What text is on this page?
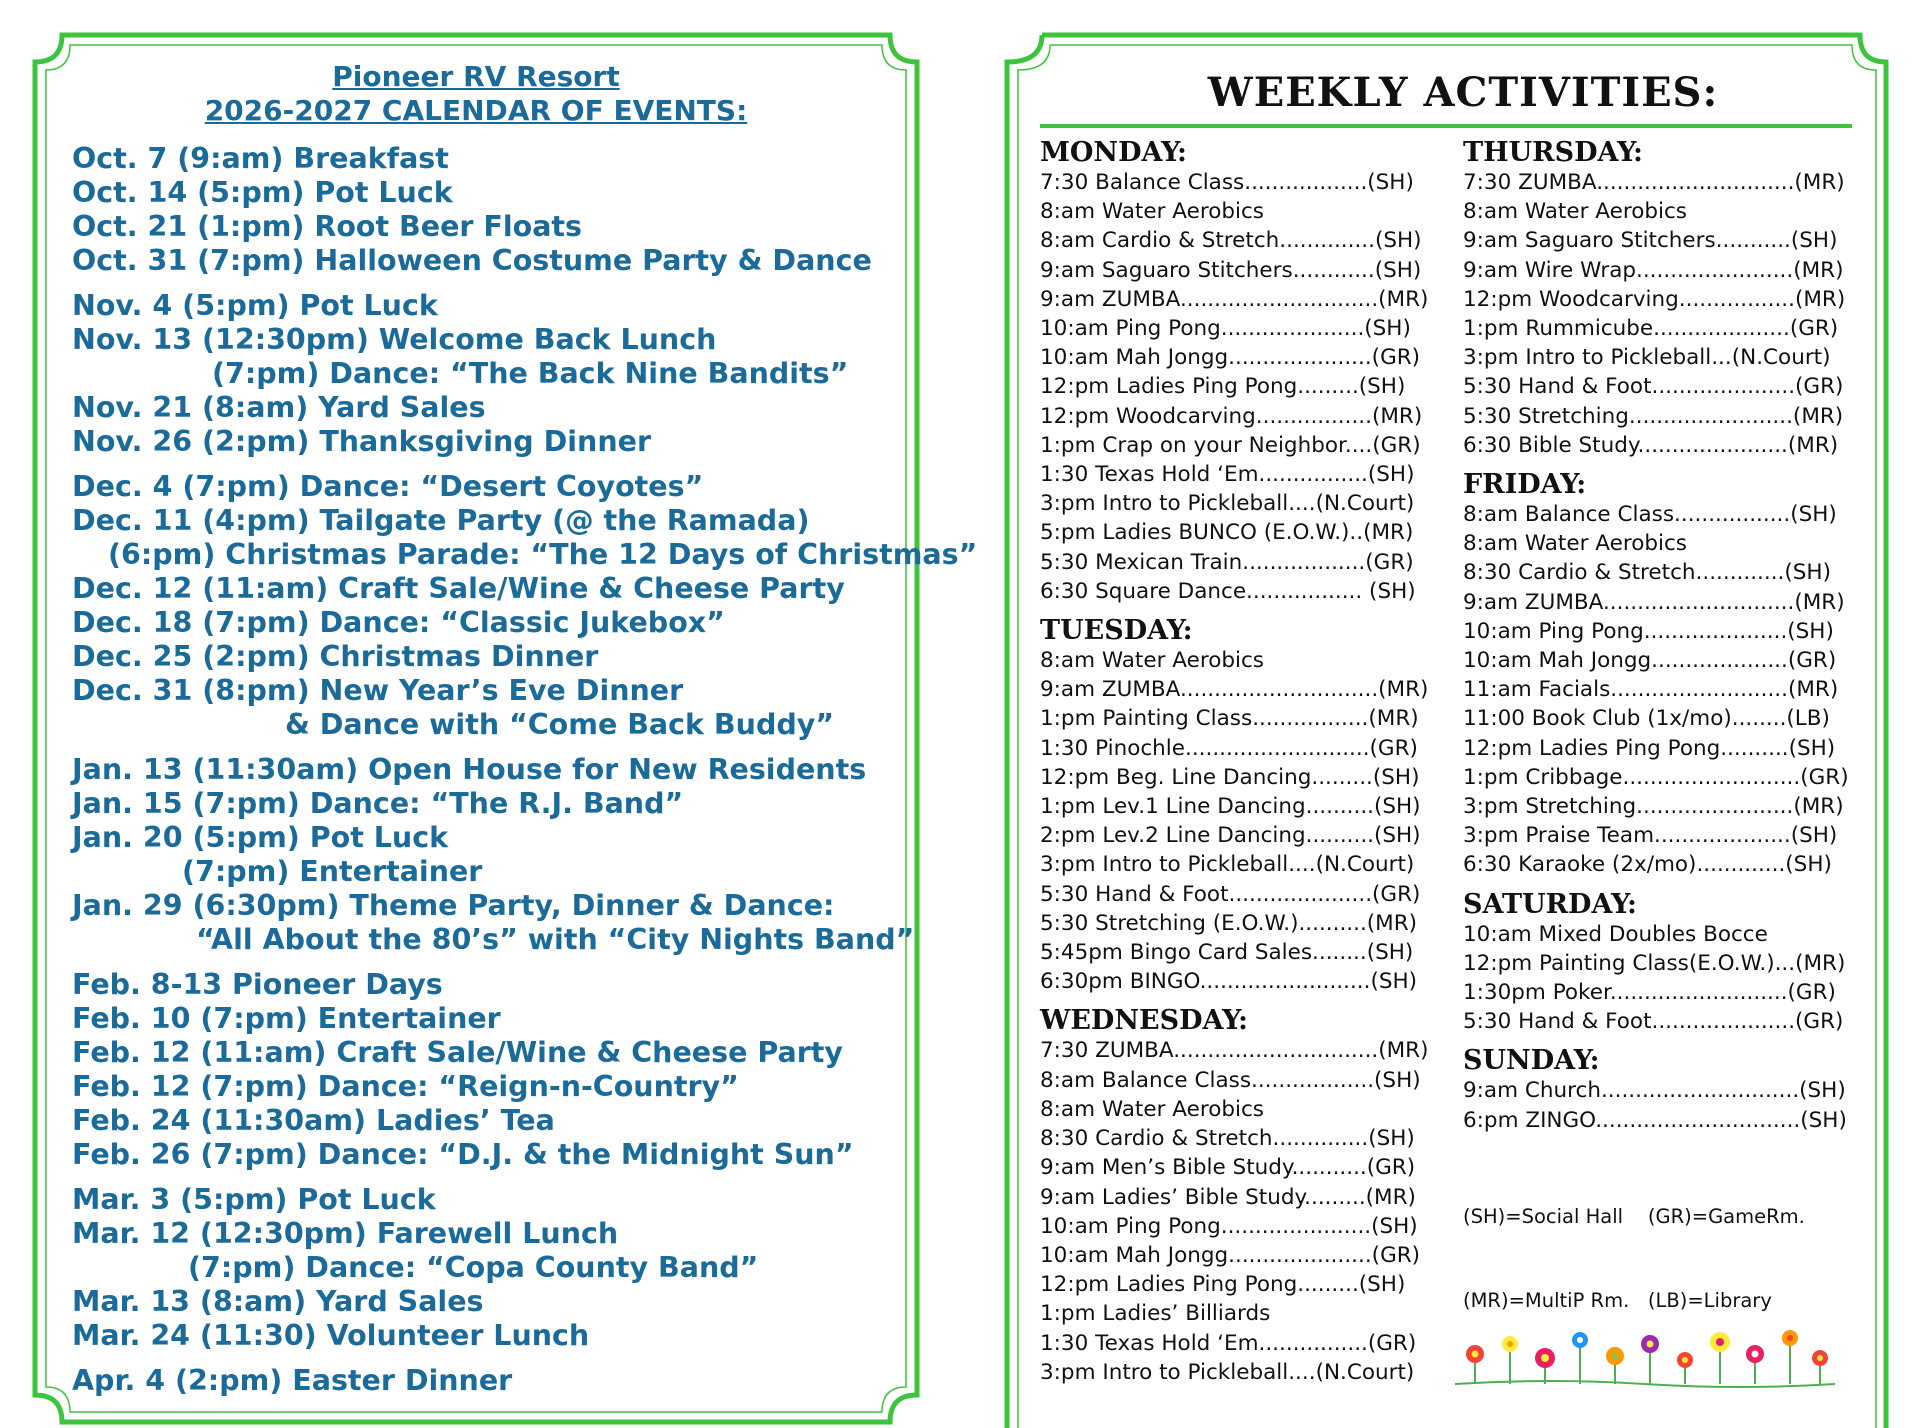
Pioneer RV Resort
2026-2027 CALENDAR OF EVENTS:
Oct. 7 (9:am) Breakfast
Oct. 14 (5:pm) Pot Luck
Oct. 21 (1:pm) Root Beer Floats
Oct. 31 (7:pm) Halloween Costume Party & Dance
Nov. 4 (5:pm) Pot Luck
Nov. 13 (12:30pm) Welcome Back Lunch
(7:pm) Dance: “The Back Nine Bandits”
Nov. 21 (8:am) Yard Sales
Nov. 26 (2:pm) Thanksgiving Dinner
Dec. 4 (7:pm) Dance: “Desert Coyotes”
Dec. 11 (4:pm) Tailgate Party (@ the Ramada)
(6:pm) Christmas Parade: “The 12 Days of Christmas”
Dec. 12 (11:am) Craft Sale/Wine & Cheese Party
Dec. 18 (7:pm) Dance: “Classic Jukebox”
Dec. 25 (2:pm) Christmas Dinner
Dec. 31 (8:pm) New Year’s Eve Dinner
& Dance with “Come Back Buddy”
Jan. 13 (11:30am) Open House for New Residents
Jan. 15 (7:pm) Dance: “The R.J. Band”
Jan. 20 (5:pm) Pot Luck
(7:pm) Entertainer
Jan. 29 (6:30pm) Theme Party, Dinner & Dance:
“All About the 80’s” with “City Nights Band”
Feb. 8-13 Pioneer Days
Feb. 10 (7:pm) Entertainer
Feb. 12 (11:am) Craft Sale/Wine & Cheese Party
Feb. 12 (7:pm) Dance: “Reign-n-Country”
Feb. 24 (11:30am) Ladies’ Tea
Feb. 26 (7:pm) Dance: “D.J. & the Midnight Sun”
Mar. 3 (5:pm) Pot Luck
Mar. 12 (12:30pm) Farewell Lunch
(7:pm) Dance: “Copa County Band”
Mar. 13 (8:am) Yard Sales
Mar. 24 (11:30) Volunteer Lunch
Apr. 4 (2:pm) Easter Dinner
WEEKLY ACTIVITIES:
MONDAY:
7:30 Balance Class..................(SH)
8:am Water Aerobics
8:am Cardio & Stretch..............(SH)
9:am Saguaro Stitchers............(SH)
9:am ZUMBA.............................(MR)
10:am Ping Pong.....................(SH)
10:am Mah Jongg.....................(GR)
12:pm Ladies Ping Pong.........(SH)
12:pm Woodcarving.................(MR)
1:pm Crap on your Neighbor....(GR)
1:30 Texas Hold ‘Em................(SH)
3:pm Intro to Pickleball....(N.Court)
5:pm Ladies BUNCO (E.O.W.)..(MR)
5:30 Mexican Train..................(GR)
6:30 Square Dance................. (SH)
TUESDAY:
8:am Water Aerobics
9:am ZUMBA.............................(MR)
1:pm Painting Class.................(MR)
1:30 Pinochle...........................(GR)
12:pm Beg. Line Dancing.........(SH)
1:pm Lev.1 Line Dancing..........(SH)
2:pm Lev.2 Line Dancing..........(SH)
3:pm Intro to Pickleball....(N.Court)
5:30 Hand & Foot.....................(GR)
5:30 Stretching (E.O.W.)..........(MR)
5:45pm Bingo Card Sales........(SH)
6:30pm BINGO.........................(SH)
WEDNESDAY:
7:30 ZUMBA..............................(MR)
8:am Balance Class..................(SH)
8:am Water Aerobics
8:30 Cardio & Stretch..............(SH)
9:am Men’s Bible Study...........(GR)
9:am Ladies’ Bible Study.........(MR)
10:am Ping Pong......................(SH)
10:am Mah Jongg.....................(GR)
12:pm Ladies Ping Pong.........(SH)
1:pm Ladies’ Billiards
1:30 Texas Hold ‘Em................(GR)
3:pm Intro to Pickleball....(N.Court)
THURSDAY:
7:30 ZUMBA.............................(MR)
8:am Water Aerobics
9:am Saguaro Stitchers...........(SH)
9:am Wire Wrap.......................(MR)
12:pm Woodcarving.................(MR)
1:pm Rummicube....................(GR)
3:pm Intro to Pickleball...(N.Court)
5:30 Hand & Foot.....................(GR)
5:30 Stretching........................(MR)
6:30 Bible Study......................(MR)
FRIDAY:
8:am Balance Class.................(SH)
8:am Water Aerobics
8:30 Cardio & Stretch.............(SH)
9:am ZUMBA............................(MR)
10:am Ping Pong.....................(SH)
10:am Mah Jongg....................(GR)
11:am Facials..........................(MR)
11:00 Book Club (1x/mo)........(LB)
12:pm Ladies Ping Pong..........(SH)
1:pm Cribbage..........................(GR)
3:pm Stretching.......................(MR)
3:pm Praise Team....................(SH)
6:30 Karaoke (2x/mo).............(SH)
SATURDAY:
10:am Mixed Doubles Bocce
12:pm Painting Class(E.O.W.)...(MR)
1:30pm Poker..........................(GR)
5:30 Hand & Foot.....................(GR)
SUNDAY:
9:am Church.............................(SH)
6:pm ZINGO..............................(SH)

(SH)=Social Hall    (GR)=GameRm.

(MR)=MultiP Rm.   (LB)=Library
